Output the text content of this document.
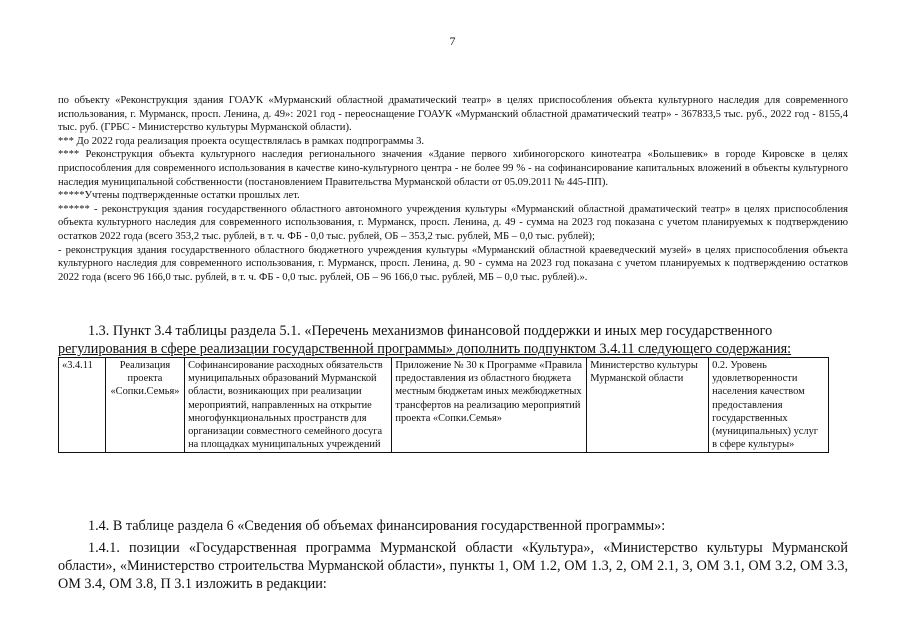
7

по объекту «Реконструкция здания ГОАУК «Мурманский областной драматический театр» в целях приспособления объекта культурного наследия для современного использования, г. Мурманск, просп. Ленина, д. 49»: 2021 год - переоснащение ГОАУК «Мурманский областной драматический театр» - 367833,5 тыс. руб., 2022 год - 8155,4 тыс. руб. (ГРБС - Министерство культуры Мурманской области).

*** До 2022 года реализация проекта осуществлялась в рамках подпрограммы 3.

**** Реконструкция объекта культурного наследия регионального значения «Здание первого хибиногорского кинотеатра «Большевик» в городе Кировске в целях приспособления для современного использования в качестве кино-культурного центра - не более 99 % - на софинансирование капитальных вложений в объекты культурного наследия муниципальной собственности (постановлением Правительства Мурманской области от 05.09.2011 № 445-ПП).

*****Учтены подтвержденные остатки прошлых лет.

****** - реконструкция здания государственного областного автономного учреждения культуры «Мурманский областной драматический театр» в целях приспособления объекта культурного наследия для современного использования, г. Мурманск, просп. Ленина, д. 49 - сумма на 2023 год показана с учетом планируемых к подтверждению остатков 2022 года (всего 353,2 тыс. рублей, в т. ч. ФБ - 0,0 тыс. рублей, ОБ – 353,2 тыс. рублей, МБ – 0,0 тыс. рублей);

- реконструкция здания государственного областного бюджетного учреждения культуры «Мурманский областной краеведческий музей» в целях приспособления объекта культурного наследия для современного использования, г. Мурманск, просп. Ленина, д. 90 - сумма на 2023 год показана с учетом планируемых к подтверждению остатков 2022 года (всего 96 166,0 тыс. рублей, в т. ч. ФБ - 0,0 тыс. рублей, ОБ – 96 166,0 тыс. рублей, МБ – 0,0 тыс. рублей).».

1.3. Пункт 3.4 таблицы раздела 5.1. «Перечень механизмов финансовой поддержки и иных мер государственного

регулирования в сфере реализации государственной программы» дополнить подпунктом 3.4.11 следующего содержания:

«3.4.11	Реализация проекта «Сопки.Семья»	Софинансирование расходных обязательств муниципальных образований Мурманской области, возникающих при реализации мероприятий, направленных на открытие многофункциональных пространств для организации совместного семейного досуга на площадках муниципальных учреждений	Приложение № 30 к Программе «Правила предоставления из областного бюджета местным бюджетам иных межбюджетных трансфертов на реализацию мероприятий проекта «Сопки.Семья»	Министерство культуры Мурманской области	0.2. Уровень удовлетворенности населения качеством предоставления государственных (муниципальных) услуг в сфере культуры»

1.4. В таблице раздела 6 «Сведения об объемах финансирования государственной программы»:

1.4.1. позиции «Государственная программа Мурманской области «Культура», «Министерство культуры Мурманской области», «Министерство строительства Мурманской области», пункты 1, ОМ 1.2, ОМ 1.3, 2, ОМ 2.1, 3, ОМ 3.1, ОМ 3.2, ОМ 3.3, ОМ 3.4, ОМ 3.8, П 3.1 изложить в редакции:
